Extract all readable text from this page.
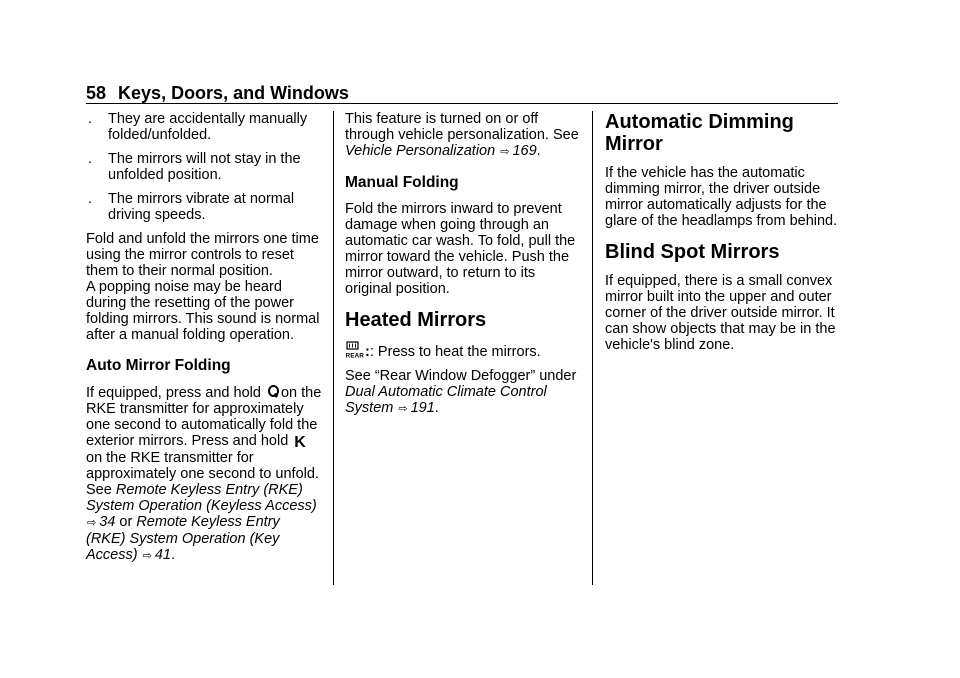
58 Keys, Doors, and Windows
. They are accidentally manually folded/unfolded.
. The mirrors will not stay in the unfolded position.
. The mirrors vibrate at normal driving speeds.

Fold and unfold the mirrors one time using the mirror controls to reset them to their normal position.

A popping noise may be heard during the resetting of the power folding mirrors. This sound is normal after a manual folding operation.

Auto Mirror Folding

If equipped, press and hold on the RKE transmitter for approximately one second to automatically fold the exterior mirrors. Press and hold Kon the RKE transmitter for approximately one second to unfold.

See Remote Keyless Entry (RKE) System Operation (Keyless Access) ⇨ 34 or Remote Keyless Entry (RKE) System Operation (Key Access) ⇨ 41.

This feature is turned on or off through vehicle personalization. See Vehicle Personalization ⇨ 169.

Manual Folding

Fold the mirrors inward to prevent damage when going through an automatic car wash. To fold, pull the mirror toward the vehicle. Push the mirror outward, to return to its original position.

Heated Mirrors

REAR :: Press to heat the mirrors.

See “Rear Window Defogger” under Dual Automatic Climate Control System ⇨ 191.

Automatic Dimming Mirror

If the vehicle has the automatic dimming mirror, the driver outside mirror automatically adjusts for the glare of the headlamps from behind.

Blind Spot Mirrors

If equipped, there is a small convex mirror built into the upper and outer corner of the driver outside mirror. It can show objects that may be in the vehicle's blind zone.
